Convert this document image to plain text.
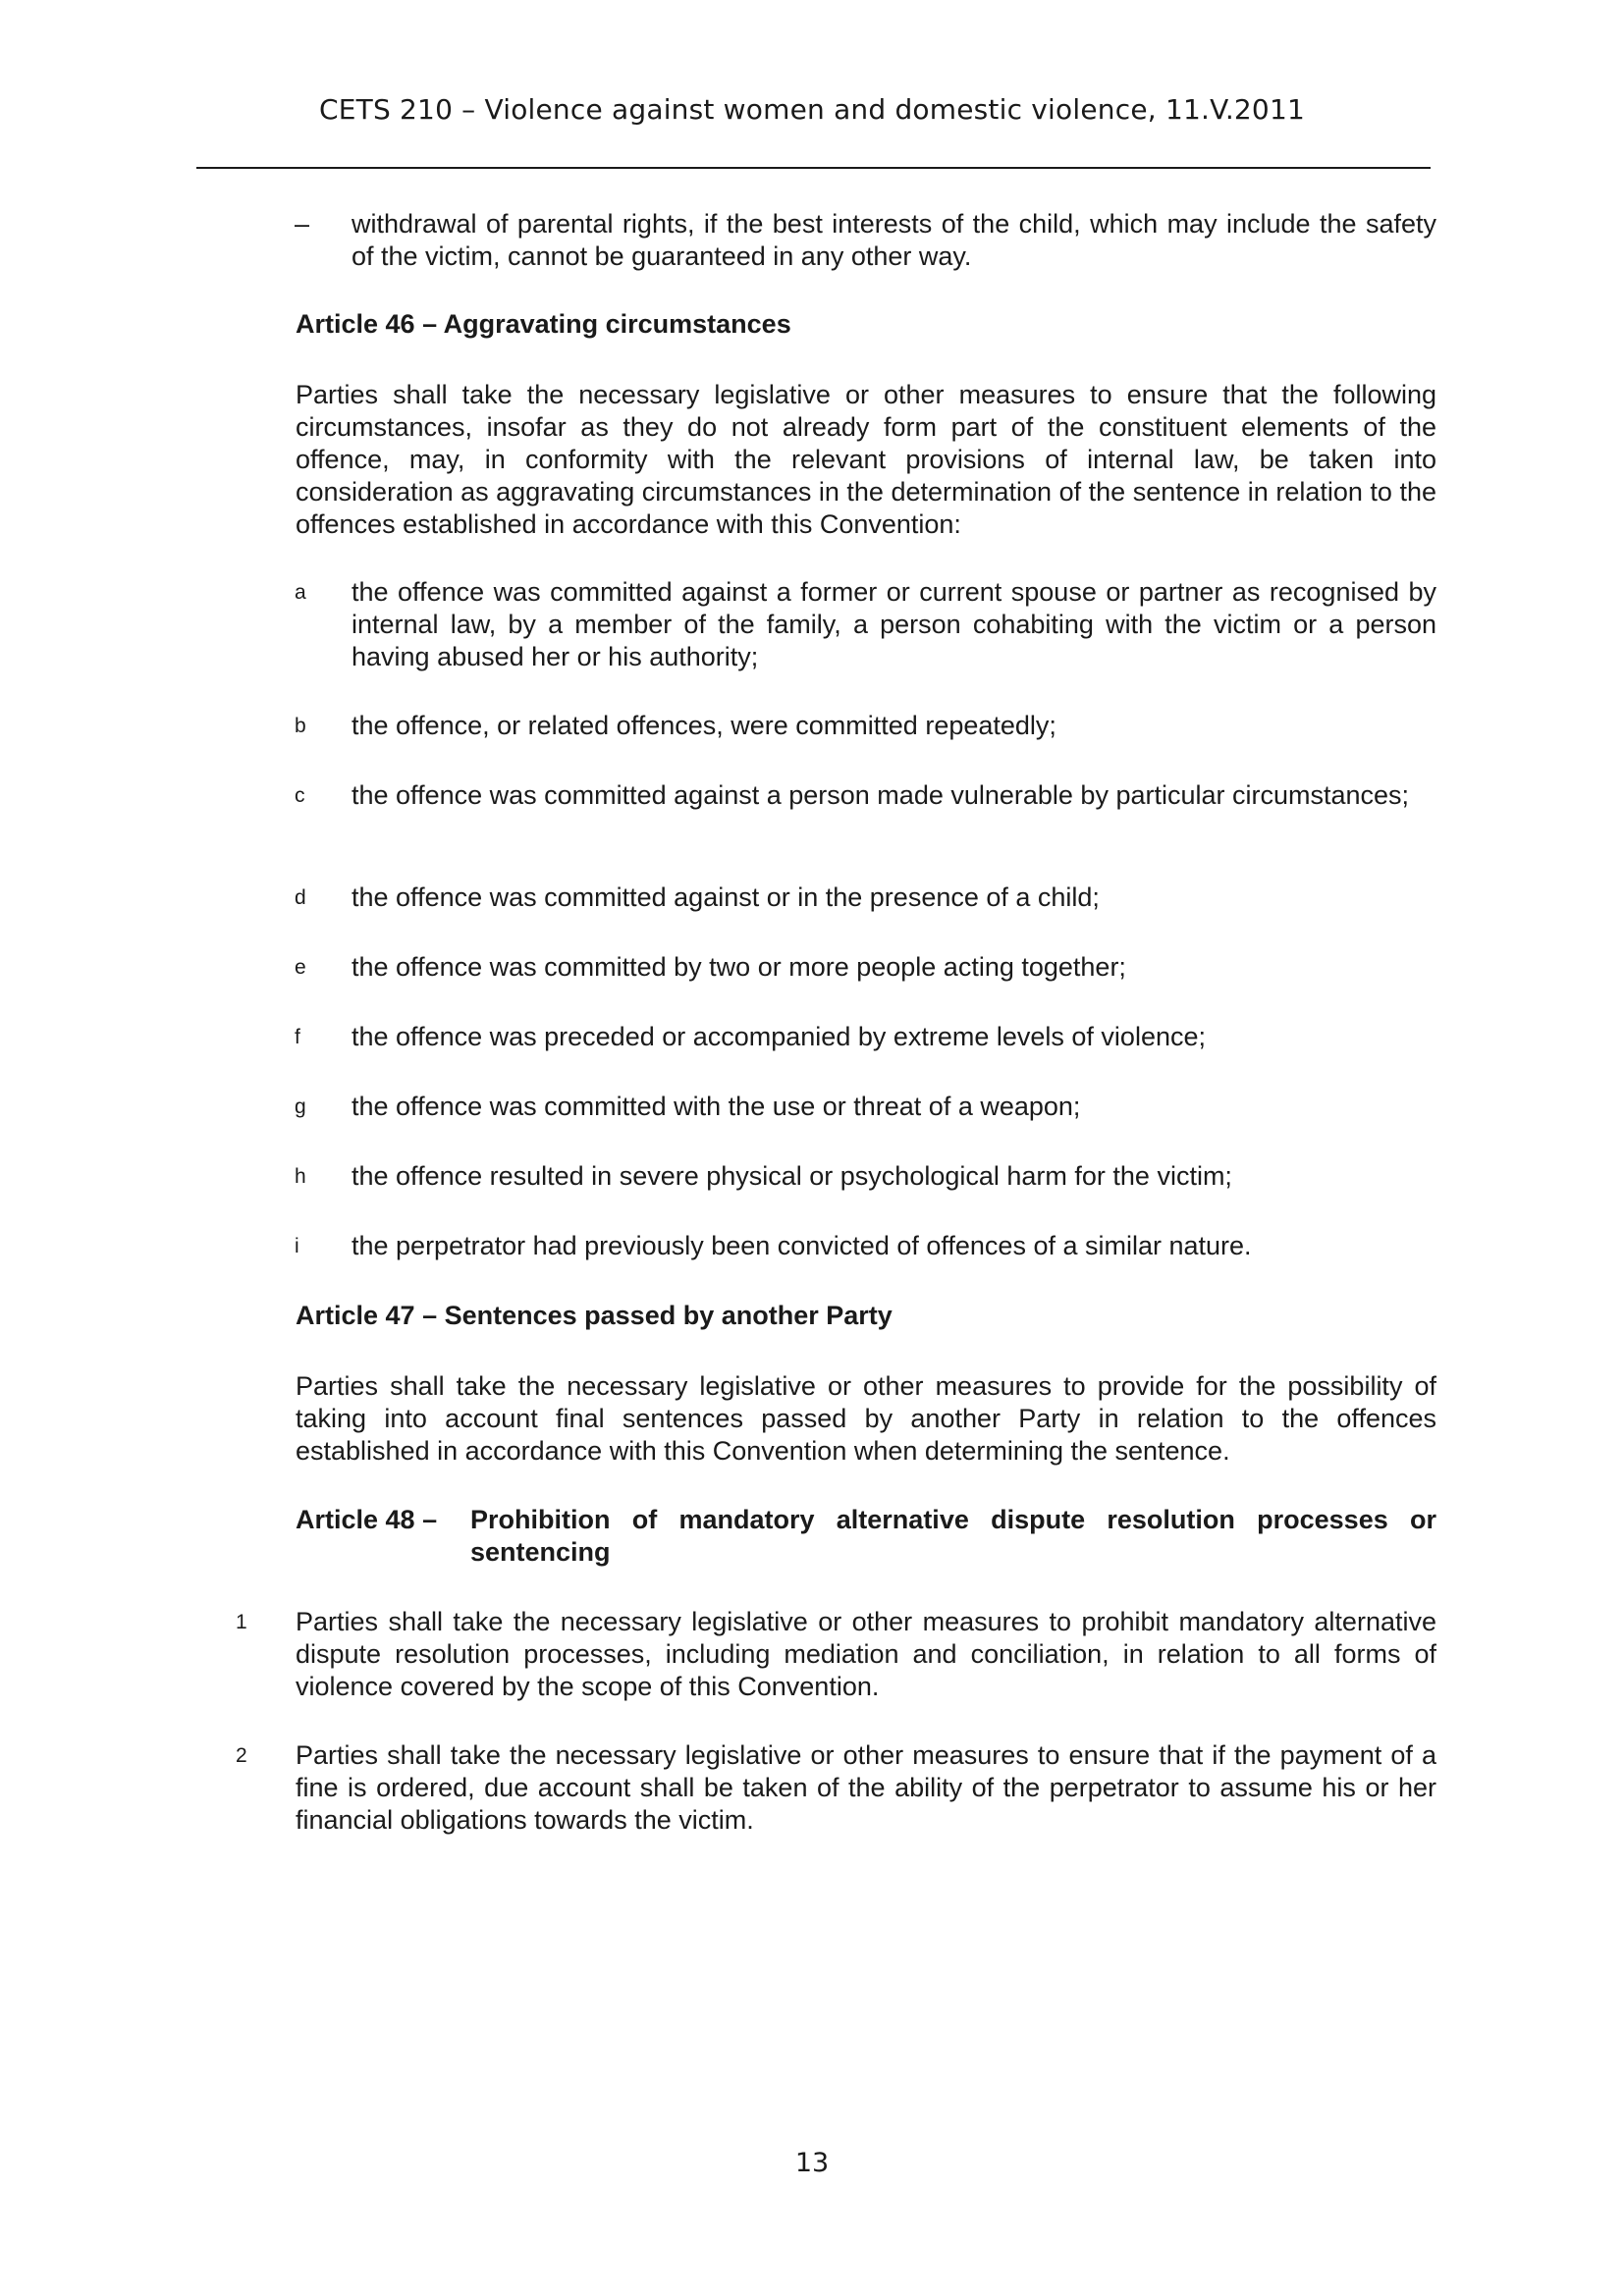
CETS 210 – Violence against women and domestic violence, 11.V.2011
– withdrawal of parental rights, if the best interests of the child, which may include the safety of the victim, cannot be guaranteed in any other way.

Article 46 – Aggravating circumstances

Parties shall take the necessary legislative or other measures to ensure that the following circumstances, insofar as they do not already form part of the constituent elements of the offence, may, in conformity with the relevant provisions of internal law, be taken into consideration as aggravating circumstances in the determination of the sentence in relation to the offences established in accordance with this Convention:

a the offence was committed against a former or current spouse or partner as recognised by internal law, by a member of the family, a person cohabiting with the victim or a person having abused her or his authority;

b the offence, or related offences, were committed repeatedly;

c the offence was committed against a person made vulnerable by particular circumstances;

d the offence was committed against or in the presence of a child;

e the offence was committed by two or more people acting together;

f the offence was preceded or accompanied by extreme levels of violence;

g the offence was committed with the use or threat of a weapon;

h the offence resulted in severe physical or psychological harm for the victim;

i the perpetrator had previously been convicted of offences of a similar nature.

Article 47 – Sentences passed by another Party

Parties shall take the necessary legislative or other measures to provide for the possibility of taking into account final sentences passed by another Party in relation to the offences established in accordance with this Convention when determining the sentence.

Article 48 – Prohibition of mandatory alternative dispute resolution processes or sentencing

1 Parties shall take the necessary legislative or other measures to prohibit mandatory alternative dispute resolution processes, including mediation and conciliation, in relation to all forms of violence covered by the scope of this Convention.

2 Parties shall take the necessary legislative or other measures to ensure that if the payment of a fine is ordered, due account shall be taken of the ability of the perpetrator to assume his or her financial obligations towards the victim.

13
